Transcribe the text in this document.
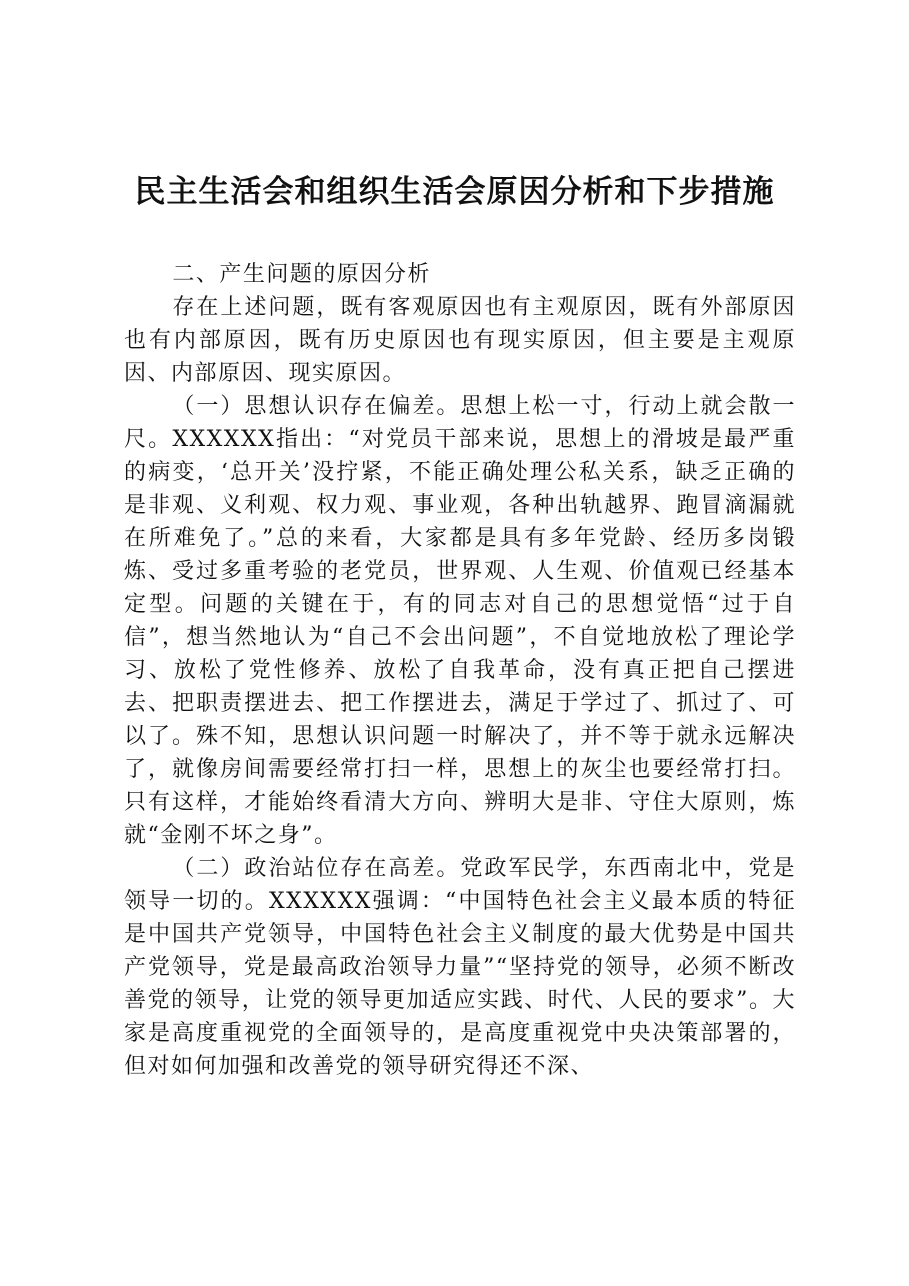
民主生活会和组织生活会原因分析和下步措施

二、产生问题的原因分析

存在上述问题，既有客观原因也有主观原因，既有外部原因也有内部原因，既有历史原因也有现实原因，但主要是主观原因、内部原因、现实原因。

（一）思想认识存在偏差。思想上松一寸，行动上就会散一尺。XXXXXX指出：“对党员干部来说，思想上的滑坡是最严重的病变，‘总开关’没拧紧，不能正确处理公私关系，缺乏正确的是非观、义利观、权力观、事业观，各种出轨越界、跑冒滴漏就在所难免了。”总的来看，大家都是具有多年党龄、经历多岗锻炼、受过多重考验的老党员，世界观、人生观、价值观已经基本定型。问题的关键在于，有的同志对自己的思想觉悟“过于自信”，想当然地认为“自己不会出问题”，不自觉地放松了理论学习、放松了党性修养、放松了自我革命，没有真正把自己摆进去、把职责摆进去、把工作摆进去，满足于学过了、抓过了、可以了。殊不知，思想认识问题一时解决了，并不等于就永远解决了，就像房间需要经常打扫一样，思想上的灰尘也要经常打扫。只有这样，才能始终看清大方向、辨明大是非、守住大原则，炼就“金刚不坏之身”。

（二）政治站位存在高差。党政军民学，东西南北中，党是领导一切的。XXXXXX强调：“中国特色社会主义最本质的特征是中国共产党领导，中国特色社会主义制度的最大优势是中国共产党领导，党是最高政治领导力量”“坚持党的领导，必须不断改善党的领导，让党的领导更加适应实践、时代、人民的要求”。大家是高度重视党的全面领导的，是高度重视党中央决策部署的，但对如何加强和改善党的领导研究得还不深、
